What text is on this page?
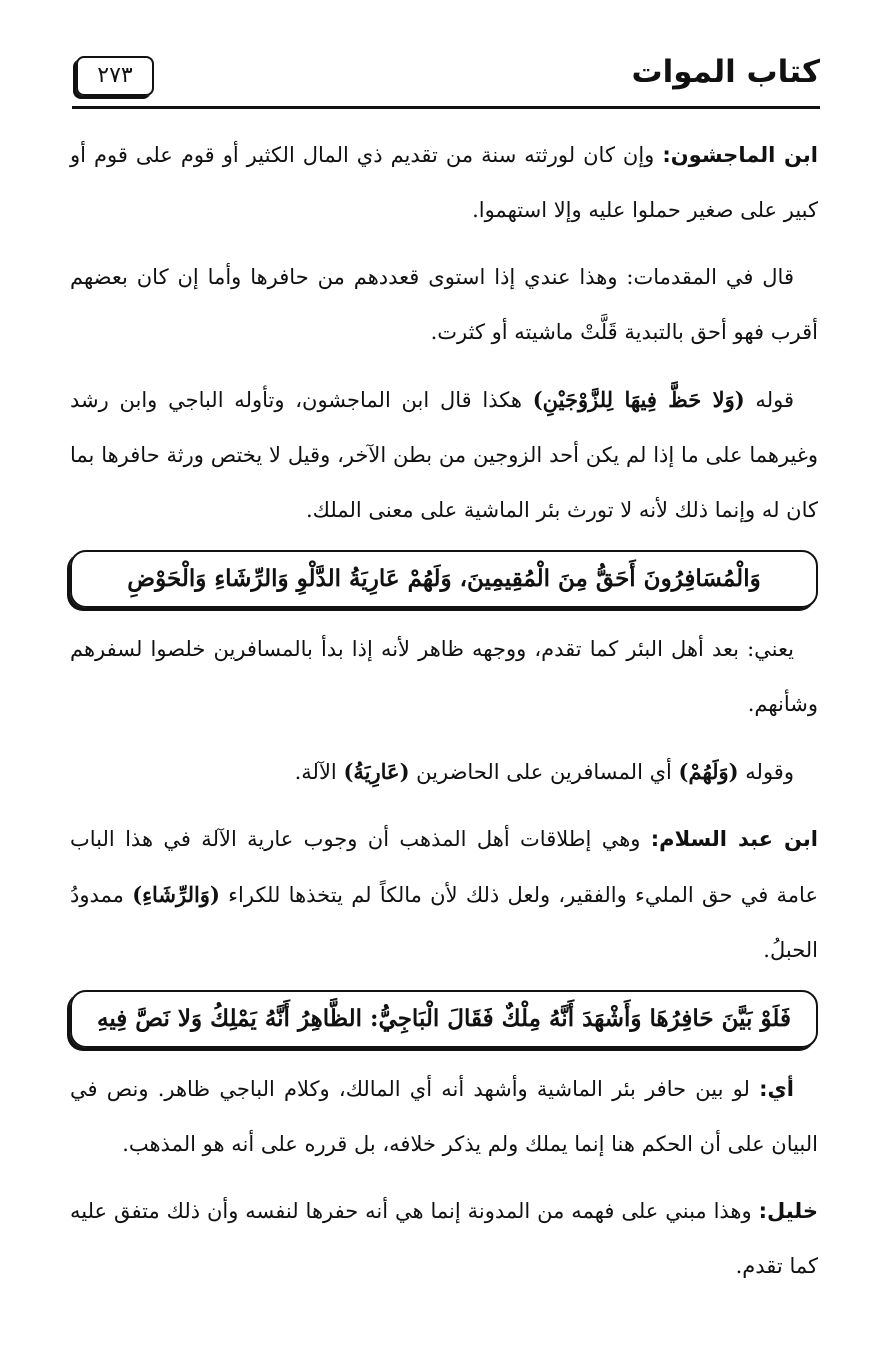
كتاب الموات
٢٧٣

ابن الماجشون: وإن كان لورثته سنة من تقديم ذي المال الكثير أو قوم على قوم أو كبير على صغير حملوا عليه وإلا استهموا.

قال في المقدمات: وهذا عندي إذا استوى قعددهم من حافرها وأما إن كان بعضهم أقرب فهو أحق بالتبدية قَلَّتْ ماشيته أو كثرت.

قوله (وَلا حَظَّ فِيهَا لِلزَّوْجَيْنِ) هكذا قال ابن الماجشون، وتأوله الباجي وابن رشد وغيرهما على ما إذا لم يكن أحد الزوجين من بطن الآخر، وقيل لا يختص ورثة حافرها بما كان له وإنما ذلك لأنه لا تورث بئر الماشية على معنى الملك.

وَالْمُسَافِرُونَ أَحَقُّ مِنَ الْمُقِيمِينَ، وَلَهُمْ عَارِيَةُ الدَّلْوِ وَالرِّشَاءِ وَالْحَوْضِ

يعني: بعد أهل البئر كما تقدم، ووجهه ظاهر لأنه إذا بدأ بالمسافرين خلصوا لسفرهم وشأنهم.

وقوله (وَلَهُمْ) أي المسافرين على الحاضرين (عَارِيَةُ) الآلة.

ابن عبد السلام: وهي إطلاقات أهل المذهب أن وجوب عارية الآلة في هذا الباب عامة في حق المليء والفقير، ولعل ذلك لأن مالكاً لم يتخذها للكراء (وَالرِّشَاءِ) ممدودُ الحبلُ.

فَلَوْ بَيَّنَ حَافِرُهَا وَأَشْهَدَ أَنَّهُ مِلْكٌ فَقَالَ الْبَاجِيُّ: الظَّاهِرُ أَنَّهُ يَمْلِكُ وَلا نَصَّ فِيهِ

أي: لو بين حافر بئر الماشية وأشهد أنه أي المالك، وكلام الباجي ظاهر. ونص في البيان على أن الحكم هنا إنما يملك ولم يذكر خلافه، بل قرره على أنه هو المذهب.

خليل: وهذا مبني على فهمه من المدونة إنما هي أنه حفرها لنفسه وأن ذلك متفق عليه كما تقدم.
